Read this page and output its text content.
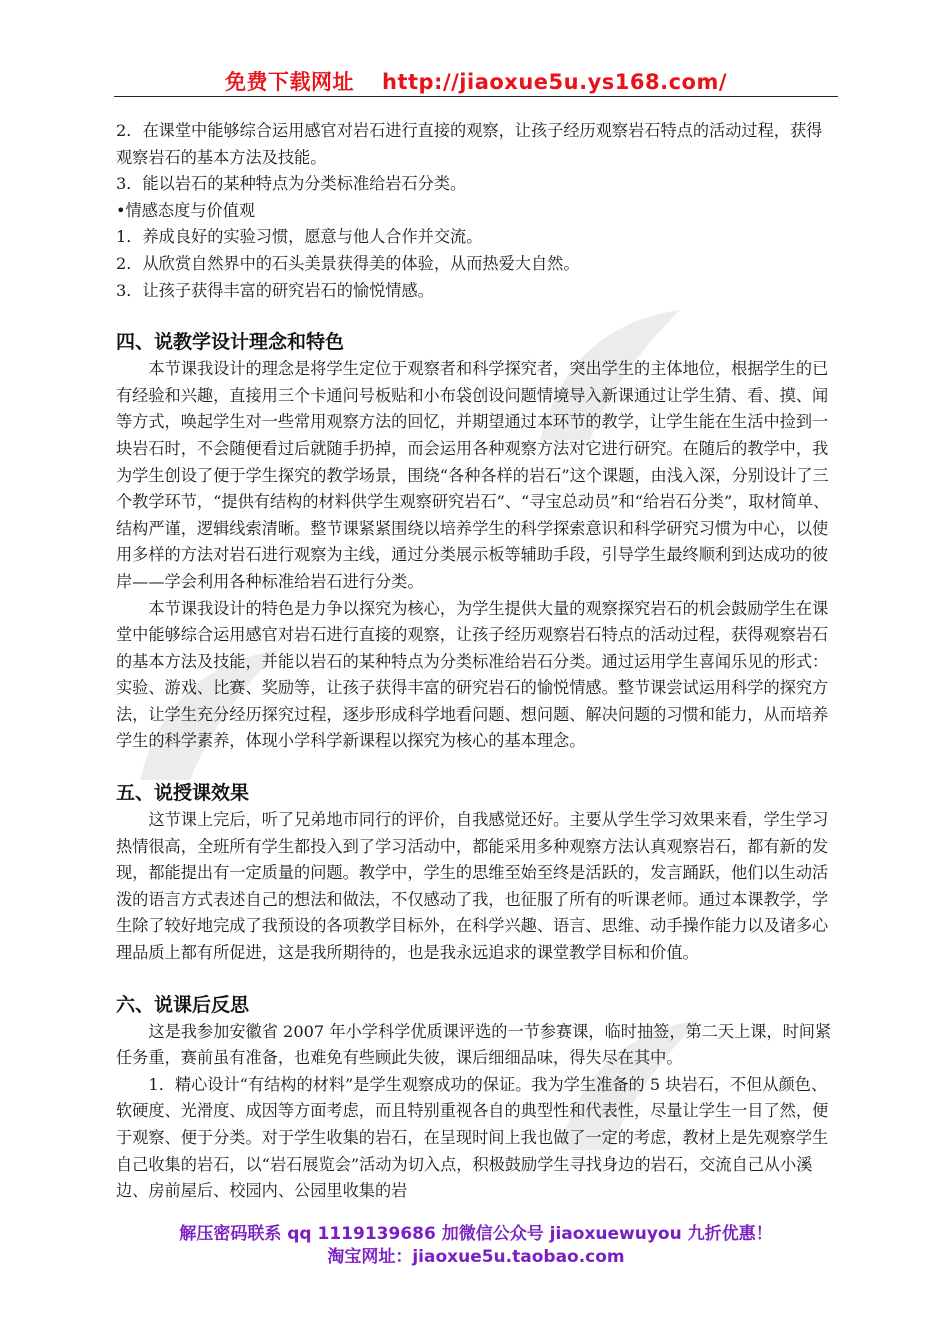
免费下载网址 http://jiaoxue5u.ys168.com/

2．在课堂中能够综合运用感官对岩石进行直接的观察，让孩子经历观察岩石特点的活动过程，获得观察岩石的基本方法及技能。

3．能以岩石的某种特点为分类标准给岩石分类。

•情感态度与价值观

1．养成良好的实验习惯，愿意与他人合作并交流。

2．从欣赏自然界中的石头美景获得美的体验，从而热爱大自然。

3．让孩子获得丰富的研究岩石的愉悦情感。

四、说教学设计理念和特色

本节课我设计的理念是将学生定位于观察者和科学探究者，突出学生的主体地位，根据学生的已有经验和兴趣，直接用三个卡通问号板贴和小布袋创设问题情境导入新课通过让学生猜、看、摸、闻等方式，唤起学生对一些常用观察方法的回忆，并期望通过本环节的教学，让学生能在生活中捡到一块岩石时，不会随便看过后就随手扔掉，而会运用各种观察方法对它进行研究。在随后的教学中，我为学生创设了便于学生探究的教学场景，围绕“各种各样的岩石”这个课题，由浅入深，分别设计了三个教学环节，“提供有结构的材料供学生观察研究岩石”、“寻宝总动员”和“给岩石分类”，取材简单、结构严谨，逻辑线索清晰。整节课紧紧围绕以培养学生的科学探索意识和科学研究习惯为中心，以使用多样的方法对岩石进行观察为主线，通过分类展示板等辅助手段，引导学生最终顺利到达成功的彼岸——学会利用各种标准给岩石进行分类。

本节课我设计的特色是力争以探究为核心，为学生提供大量的观察探究岩石的机会鼓励学生在课堂中能够综合运用感官对岩石进行直接的观察，让孩子经历观察岩石特点的活动过程，获得观察岩石的基本方法及技能，并能以岩石的某种特点为分类标准给岩石分类。通过运用学生喜闻乐见的形式：实验、游戏、比赛、奖励等，让孩子获得丰富的研究岩石的愉悦情感。整节课尝试运用科学的探究方法，让学生充分经历探究过程，逐步形成科学地看问题、想问题、解决问题的习惯和能力，从而培养学生的科学素养，体现小学科学新课程以探究为核心的基本理念。

五、说授课效果

这节课上完后，听了兄弟地市同行的评价，自我感觉还好。主要从学生学习效果来看，学生学习热情很高，全班所有学生都投入到了学习活动中，都能采用多种观察方法认真观察岩石，都有新的发现，都能提出有一定质量的问题。教学中，学生的思维至始至终是活跃的，发言踊跃，他们以生动活泼的语言方式表述自己的想法和做法，不仅感动了我，也征服了所有的听课老师。通过本课教学，学生除了较好地完成了我预设的各项教学目标外，在科学兴趣、语言、思维、动手操作能力以及诸多心理品质上都有所促进，这是我所期待的，也是我永远追求的课堂教学目标和价值。

六、说课后反思

这是我参加安徽省 2007 年小学科学优质课评选的一节参赛课，临时抽签，第二天上课，时间紧任务重，赛前虽有准备，也难免有些顾此失彼，课后细细品味，得失尽在其中。

1．精心设计“有结构的材料”是学生观察成功的保证。我为学生准备的 5 块岩石，不但从颜色、软硬度、光滑度、成因等方面考虑，而且特别重视各自的典型性和代表性，尽量让学生一目了然，便于观察、便于分类。对于学生收集的岩石，在呈现时间上我也做了一定的考虑，教材上是先观察学生自己收集的岩石，以“岩石展览会”活动为切入点，积极鼓励学生寻找身边的岩石，交流自己从小溪边、房前屋后、校园内、公园里收集的岩

解压密码联系 qq 1119139686 加微信公众号 jiaoxuewuyou 九折优惠！
淘宝网址：jiaoxue5u.taobao.com
